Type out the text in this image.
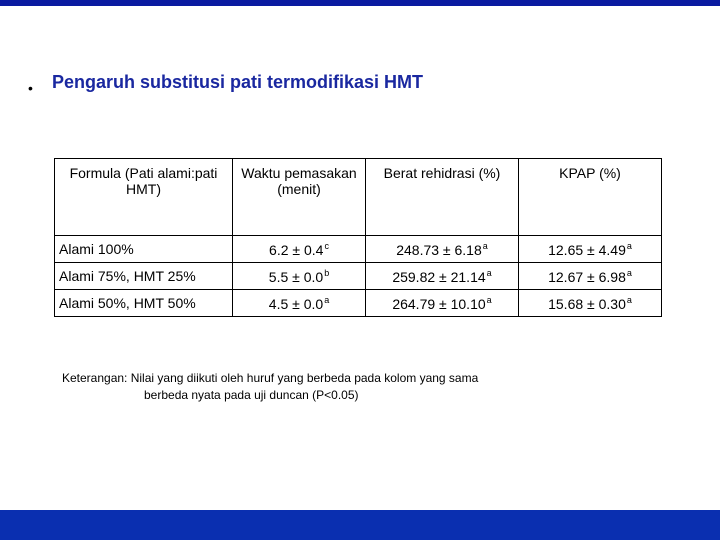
• Pengaruh substitusi pati termodifikasi HMT
Formula (Pati alami:pati HMT)	Waktu pemasakan (menit)	Berat rehidrasi (%)	KPAP (%)
Alami 100%	6.2 ± 0.4$^c$	248.73 ± 6.18$^a$	12.65 ± 4.49$^a$
Alami 75%, HMT 25%	5.5 ± 0.0$^b$	259.82 ± 21.14$^a$	12.67 ± 6.98$^a$
Alami 50%, HMT 50%	4.5 ± 0.0$^a$	264.79 ± 10.10$^a$	15.68 ± 0.30$^a$
Keterangan: Nilai yang diikuti oleh huruf yang berbeda pada kolom yang sama
berbeda nyata pada uji duncan (P<0.05)
